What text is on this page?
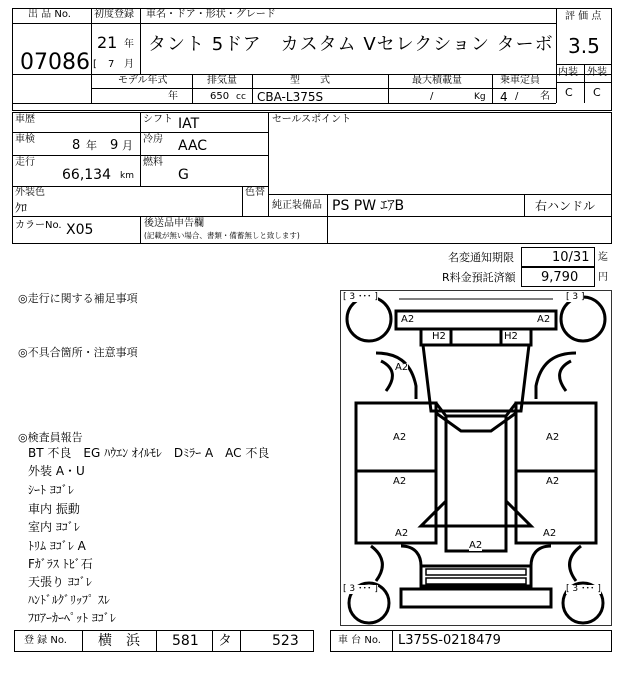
出 品 No.
07086
初度登録 車名・ドア・形状・グレード
21 年
[ 7 月
タント 5ドア　カスタム Vセレクション ターボ
評 価 点
3.5
内装 外装
C C
モデル年式	排気量	型　　式	最大積載量	乗車定員
年	650 cc CBA-L375S	/	Kg 4 / 名
車歴	シフト IAT
車検	8 年 9 月 冷房 AAC
走行
66,134 km
燃料
G
セールスポイント
外装色
ｸﾛ
色替
純正装備品 PS PW ｴｱB	右ハンドル
カラーNo. X05	後送品申告欄
(記載が無い場合、書類・備蓄無しと致します)
名変通知期限	10/31 迄
R料金預託済額 9,790 円
◎走行に関する補足事項
◎不具合箇所・注意事項
◎検査員報告
BT 不良　EG ﾊｳｴﾝ ｵｲﾙﾓﾚ　Dﾐﾗｰ A　AC 不良
外装 A・U
ｼｰﾄ ﾖｺﾞﾚ
車内 振動
室内 ﾖｺﾞﾚ
ﾄﾘﾑ ﾖｺﾞﾚ A
Fｶﾞﾗｽ ﾄﾋﾞ石
天張り ﾖｺﾞﾚ
ﾊﾝﾄﾞﾙｸﾞﾘｯﾌﾟ ｽﾚ
ﾌﾛｱｰｶｰﾍﾟｯﾄ ﾖｺﾞﾚ
[ 3 ･･･ ]	[ 3 ]
[ 3 ･･･ ]	[ 3 ･･･ ]
A2	A2
H2	H2
A2
A2
A2
A2
A2
A2
A2
A2
登 録 No. 横　浜 581 タ	523	車 台 No. L375S-0218479
